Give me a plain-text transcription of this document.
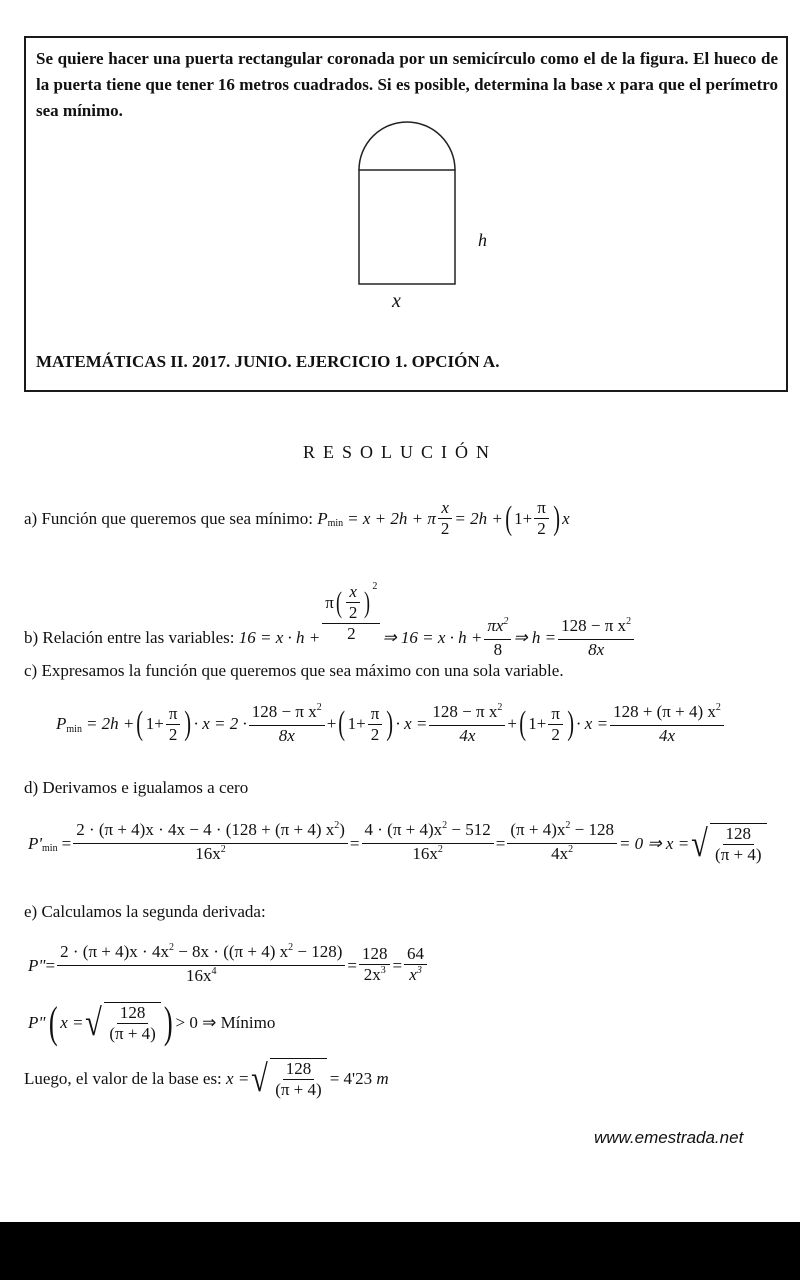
Se quiere hacer una puerta rectangular coronada por un semicírculo como el de la figura. El hueco de la puerta tiene que tener 16 metros cuadrados. Si es posible, determina la base x para que el perímetro sea mínimo.
h
x
MATEMÁTICAS II. 2017. JUNIO. EJERCICIO 1. OPCIÓN A.
RESOLUCIÓN
a) Función que queremos que sea mínimo:
P min = x + 2h + π $\frac{x}{2} = 2h$ + ( $1+ \frac{\pi}{2}$ ) x
b) Relación entre las variables:
$16 = x \cdot h + \frac{\pi ( \frac{x}{2} ) 2}{2}$ ⇒ $16 = x \cdot h + \frac{\pi x^2}{8}$ ⇒ $h = \frac{128 - \pi x^2}{8x}$
c) Expresamos la función que queremos que sea máximo con una sola variable.
P min = 2h + ( $1+ \frac{\pi}{2}$ ) · $x = 2 \cdot \frac{128 - \pi x^2}{8x}$ + ( $1+ \frac{\pi}{2}$ ) · $x = \frac{128 - \pi x^2}{4x}$ + ( $1+ \frac{\pi}{2}$ ) · $x = \frac{128 + (\pi + 4) x^2}{4x}$
d) Derivamos e igualamos a cero
P' $\min = \frac{2 \cdot (\pi + 4)x \cdot 4x - 4 \cdot (128 + (\pi + 4) x^2)}{16x^2} = \frac{4 \cdot (\pi + 4)x^2 - 512}{16x^2} = \frac{(\pi + 4)x^2 - 128}{4x^2} = 0$ ⇒ x = √ $\frac{128}{(\pi + 4)}$
e) Calculamos la segunda derivada:
P" = $\frac{2 \cdot (\pi + 4)x \cdot 4x^2 - 8x \cdot ((\pi + 4) x^2 - 128)}{16x^4} = \frac{128}{2x^3} = \frac{64}{x^3}$
P" ( x = √ $\frac{128}{(\pi + 4)}$ ) > 0 ⇒ Mínimo
Luego, el valor de la base es:
x = √ $\frac{128}{(\pi + 4)} = 4'23$
m
www.emestrada.net
